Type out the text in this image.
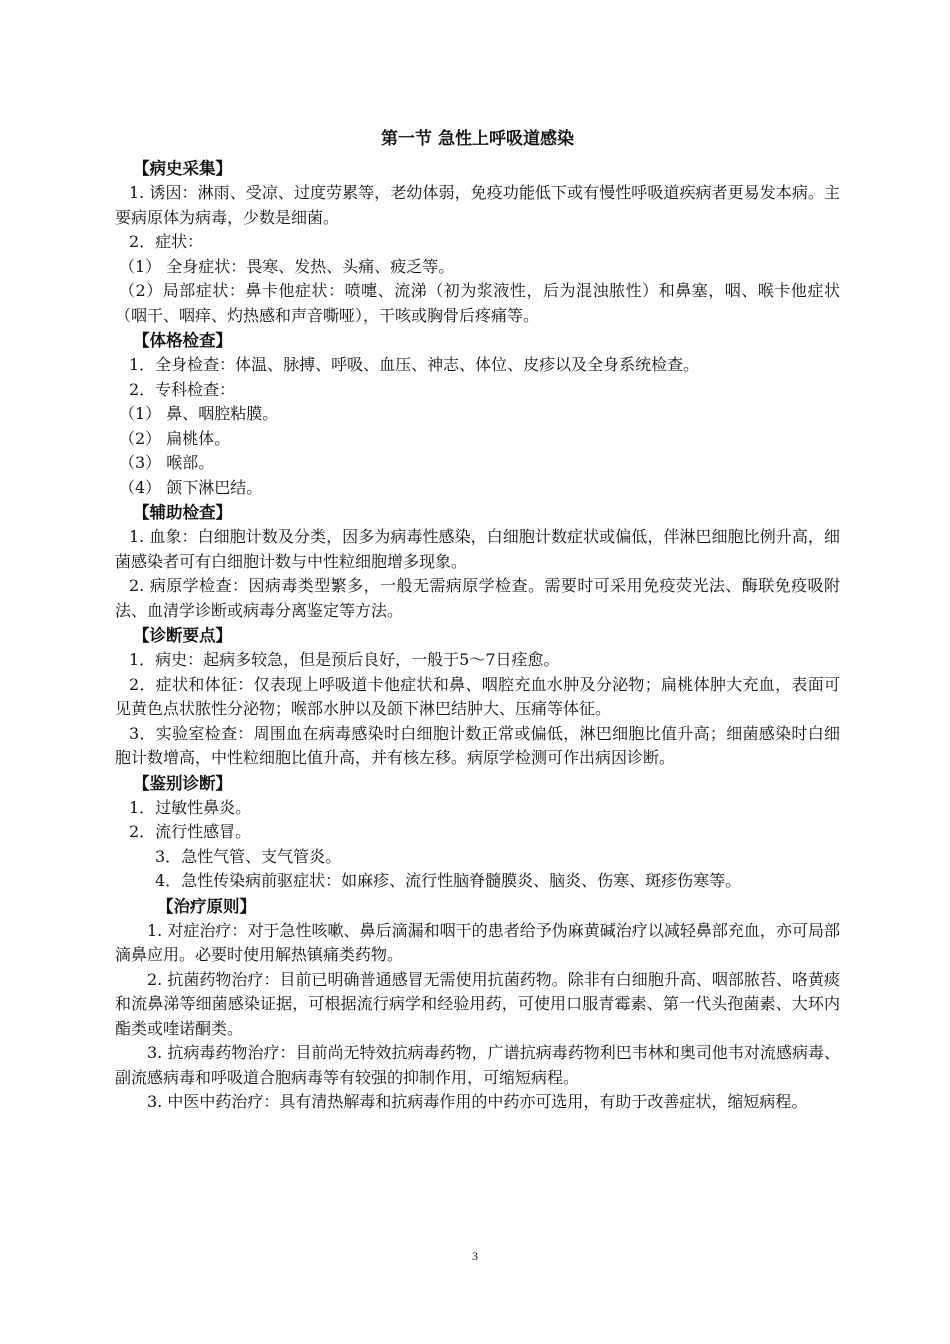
第一节 急性上呼吸道感染

【病史采集】

1. 诱因：淋雨、受凉、过度劳累等，老幼体弱，免疫功能低下或有慢性呼吸道疾病者更易发本病。主要病原体为病毒，少数是细菌。

2．症状：

（1） 全身症状：畏寒、发热、头痛、疲乏等。

（2）局部症状：鼻卡他症状：喷嚏、流涕（初为浆液性，后为混浊脓性）和鼻塞，咽、喉卡他症状（咽干、咽痒、灼热感和声音嘶哑），干咳或胸骨后疼痛等。

【体格检查】

1．全身检查：体温、脉搏、呼吸、血压、神志、体位、皮疹以及全身系统检查。

2．专科检查：

（1） 鼻、咽腔粘膜。

（2） 扁桃体。

（3） 喉部。

（4） 颌下淋巴结。

【辅助检查】

1. 血象：白细胞计数及分类，因多为病毒性感染，白细胞计数症状或偏低，伴淋巴细胞比例升高，细菌感染者可有白细胞计数与中性粒细胞增多现象。

2. 病原学检查：因病毒类型繁多，一般无需病原学检查。需要时可采用免疫荧光法、酶联免疫吸附法、血清学诊断或病毒分离鉴定等方法。

【诊断要点】

1．病史：起病多较急，但是预后良好，一般于5～7日痊愈。

2．症状和体征：仅表现上呼吸道卡他症状和鼻、咽腔充血水肿及分泌物；扁桃体肿大充血，表面可见黄色点状脓性分泌物；喉部水肿以及颌下淋巴结肿大、压痛等体征。

3．实验室检查：周围血在病毒感染时白细胞计数正常或偏低，淋巴细胞比值升高；细菌感染时白细胞计数增高，中性粒细胞比值升高，并有核左移。病原学检测可作出病因诊断。

【鉴别诊断】

1．过敏性鼻炎。

2．流行性感冒。

3．急性气管、支气管炎。

4．急性传染病前驱症状：如麻疹、流行性脑脊髓膜炎、脑炎、伤寒、斑疹伤寒等。

【治疗原则】

1. 对症治疗：对于急性咳嗽、鼻后滴漏和咽干的患者给予伪麻黄碱治疗以减轻鼻部充血，亦可局部滴鼻应用。必要时使用解热镇痛类药物。

2. 抗菌药物治疗：目前已明确普通感冒无需使用抗菌药物。除非有白细胞升高、咽部脓苔、咯黄痰和流鼻涕等细菌感染证据，可根据流行病学和经验用药，可使用口服青霉素、第一代头孢菌素、大环内酯类或喹诺酮类。

3. 抗病毒药物治疗：目前尚无特效抗病毒药物，广谱抗病毒药物利巴韦林和奥司他韦对流感病毒、副流感病毒和呼吸道合胞病毒等有较强的抑制作用，可缩短病程。

3. 中医中药治疗：具有清热解毒和抗病毒作用的中药亦可选用，有助于改善症状，缩短病程。

3
